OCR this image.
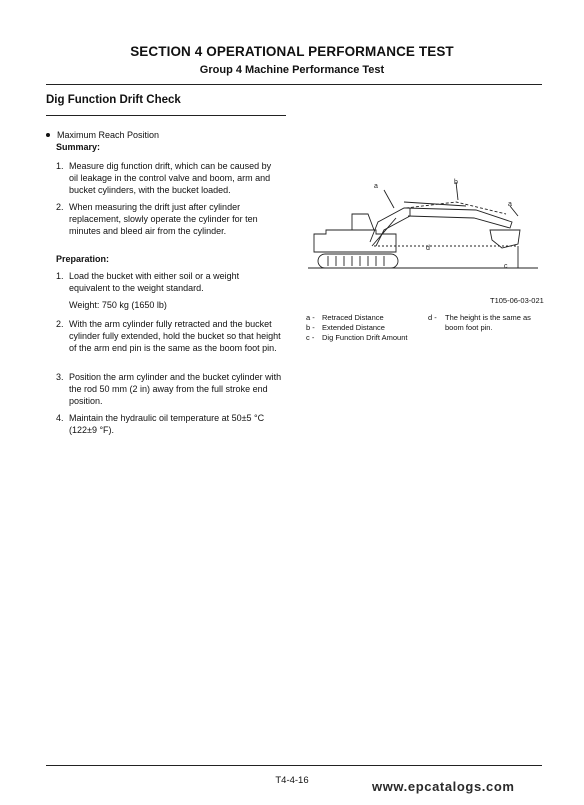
SECTION 4 OPERATIONAL PERFORMANCE TEST
Group 4 Machine Performance Test
Dig Function Drift Check
Maximum Reach Position
Summary:
1. Measure dig function drift, which can be caused by oil leakage in the control valve and boom, arm and bucket cylinders, with the bucket loaded.
2. When measuring the drift just after cylinder replacement, slowly operate the cylinder for ten minutes and bleed air from the cylinder.
Preparation:
1. Load the bucket with either soil or a weight equivalent to the weight standard.
Weight: 750 kg (1650 lb)
2. With the arm cylinder fully retracted and the bucket cylinder fully extended, hold the bucket so that height of the arm end pin is the same as the boom foot pin.
3. Position the arm cylinder and the bucket cylinder with the rod 50 mm (2 in) away from the full stroke end position.
4. Maintain the hydraulic oil temperature at 50±5 °C (122±9 °F).
a
b
a
d
c
T105-06-03-021
a - Retraced Distance
b - Extended Distance
c - Dig Function Drift Amount
d - The height is the same as boom foot pin.
T4-4-16	www.epcatalogs.com
